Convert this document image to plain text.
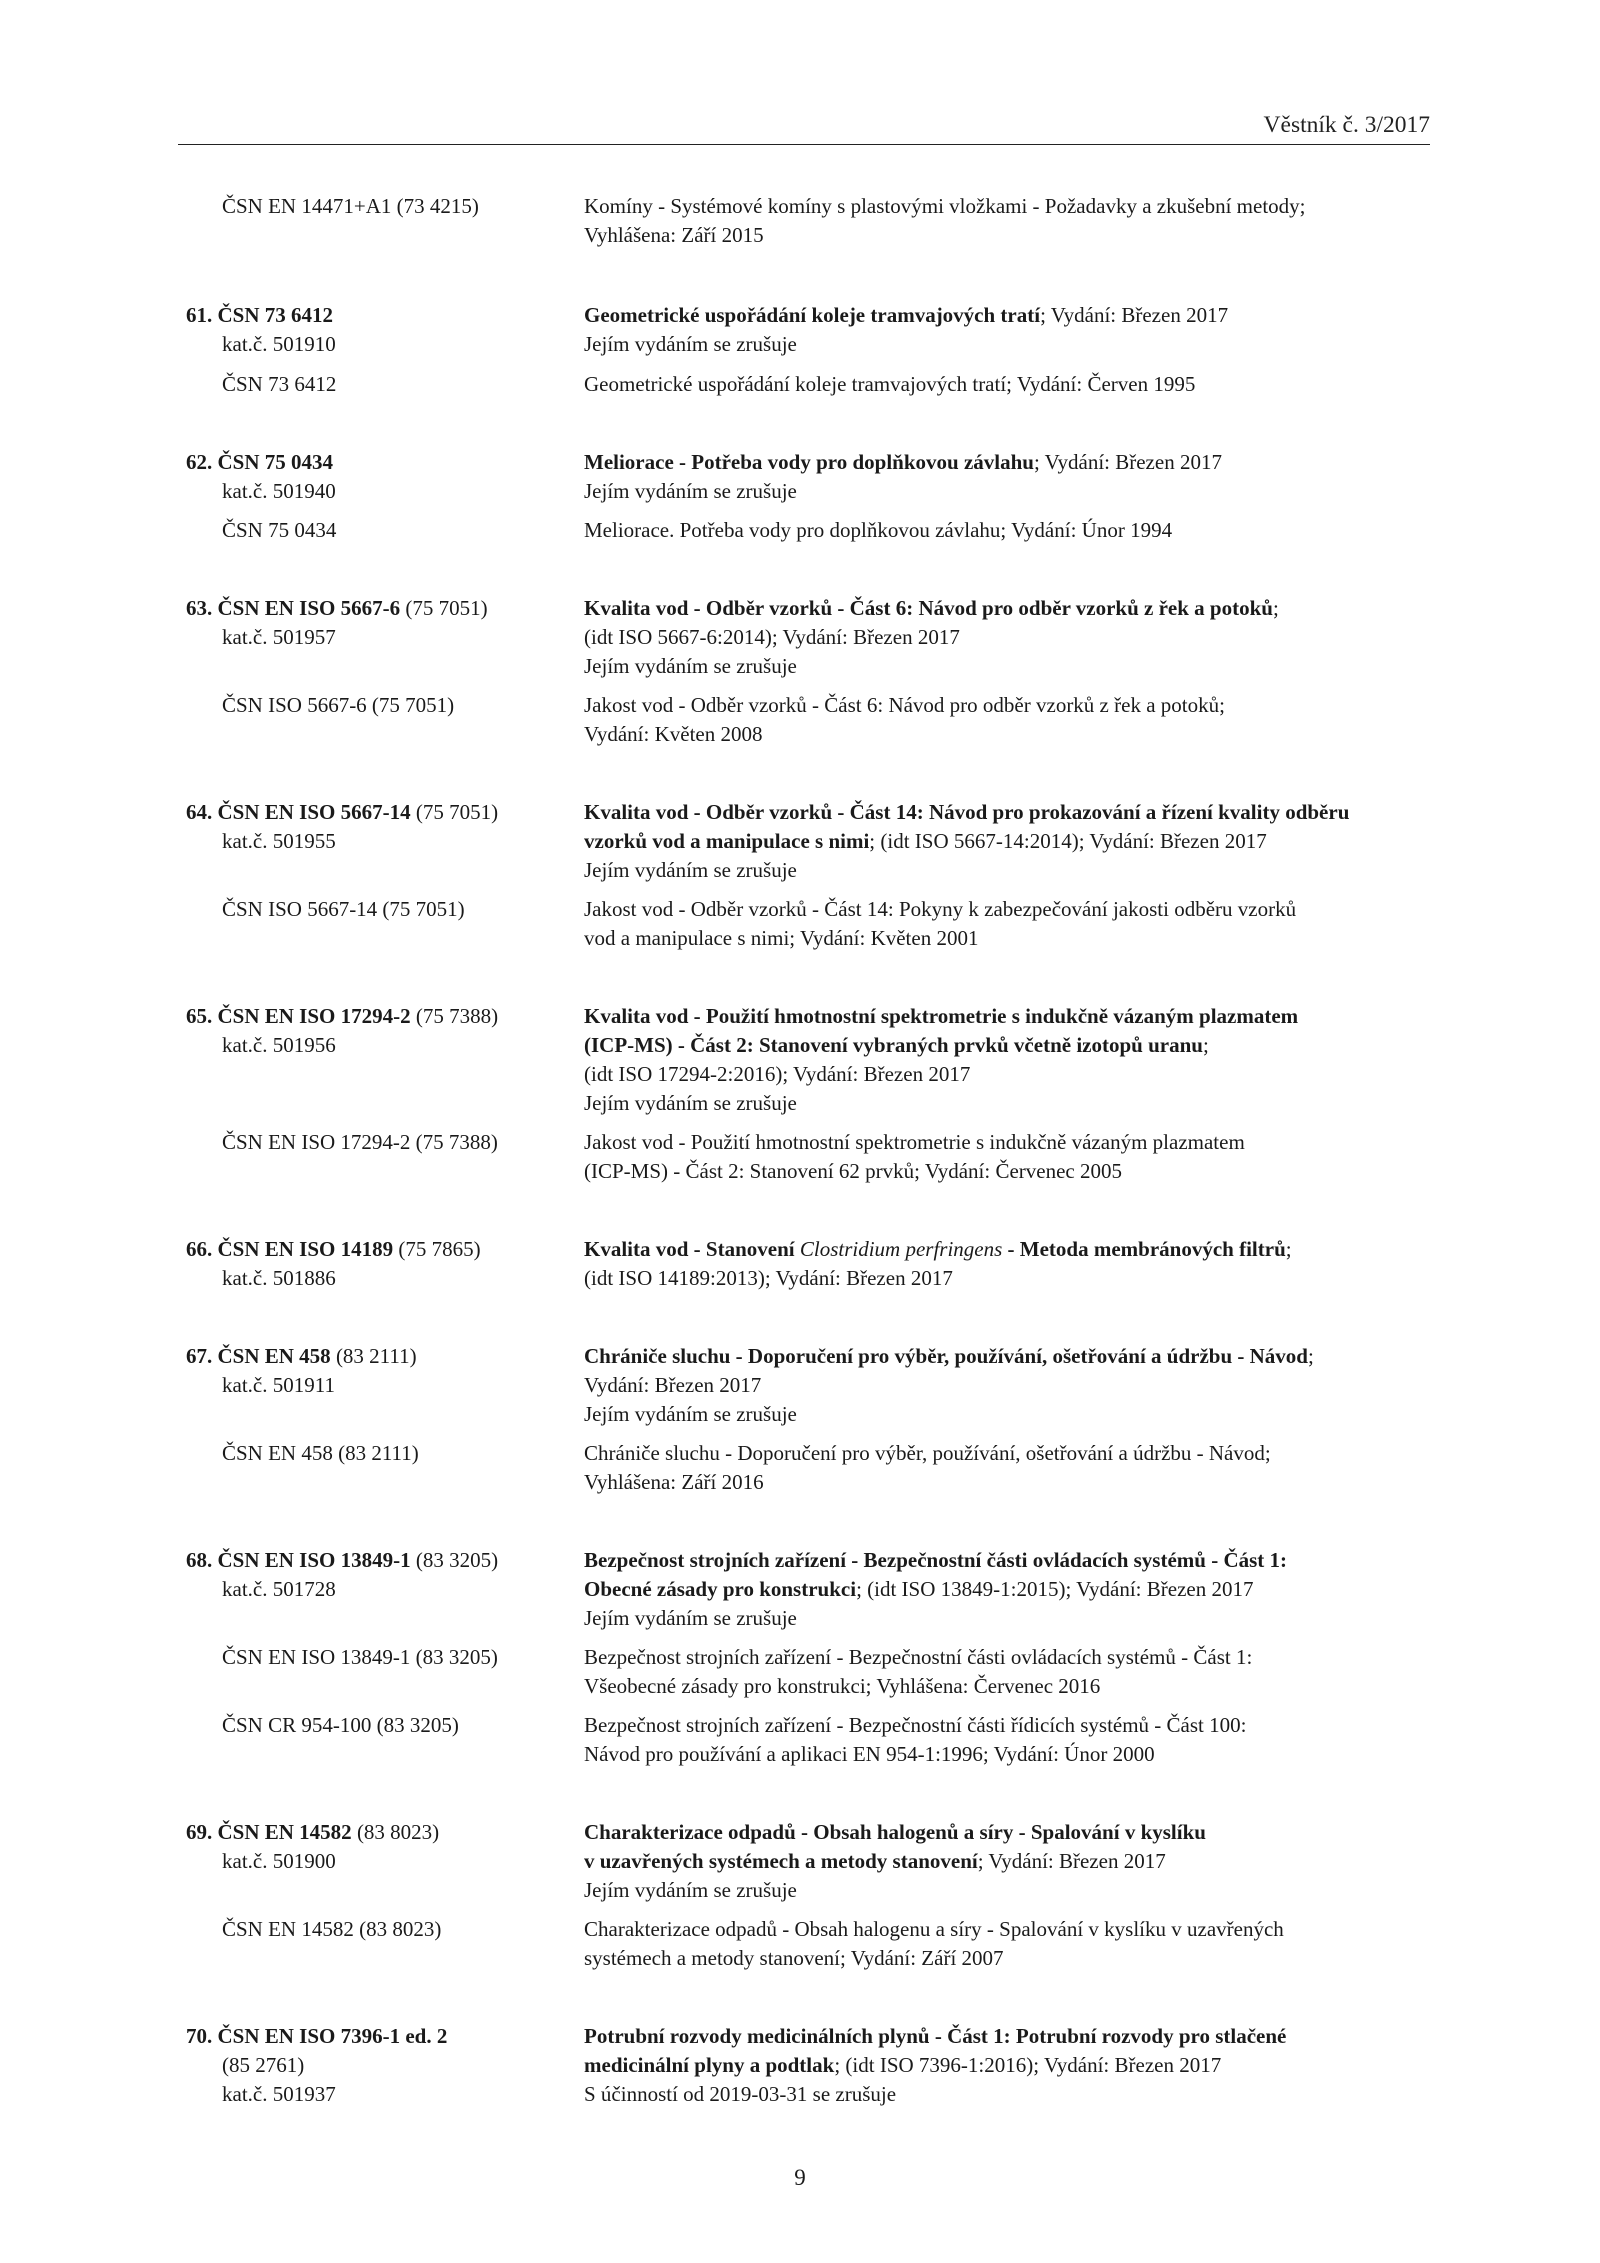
Věstník č. 3/2017
ČSN EN 14471+A1 (73 4215)	Komíny - Systémové komíny s plastovými vložkami - Požadavky a zkušební metody;
Vyhlášena: Září 2015
61. ČSN 73 6412	Geometrické uspořádání koleje tramvajových tratí; Vydání: Březen 2017
kat.č. 501910	Jejím vydáním se zrušuje
ČSN 73 6412	Geometrické uspořádání koleje tramvajových tratí; Vydání: Červen 1995
62. ČSN 75 0434	Meliorace - Potřeba vody pro doplňkovou závlahu; Vydání: Březen 2017
kat.č. 501940	Jejím vydáním se zrušuje
ČSN 75 0434	Meliorace. Potřeba vody pro doplňkovou závlahu; Vydání: Únor 1994
63. ČSN EN ISO 5667-6 (75 7051)	Kvalita vod - Odběr vzorků - Část 6: Návod pro odběr vzorků z řek a potoků;
kat.č. 501957	(idt ISO 5667-6:2014); Vydání: Březen 2017
Jejím vydáním se zrušuje
ČSN ISO 5667-6 (75 7051)	Jakost vod - Odběr vzorků - Část 6: Návod pro odběr vzorků z řek a potoků;
Vydání: Květen 2008
64. ČSN EN ISO 5667-14 (75 7051)	Kvalita vod - Odběr vzorků - Část 14: Návod pro prokazování a řízení kvality odběru
kat.č. 501955	vzorků vod a manipulace s nimi; (idt ISO 5667-14:2014); Vydání: Březen 2017
Jejím vydáním se zrušuje
ČSN ISO 5667-14 (75 7051)	Jakost vod - Odběr vzorků - Část 14: Pokyny k zabezpečování jakosti odběru vzorků
vod a manipulace s nimi; Vydání: Květen 2001
65. ČSN EN ISO 17294-2 (75 7388)	Kvalita vod - Použití hmotnostní spektrometrie s indukčně vázaným plazmatem
kat.č. 501956	(ICP-MS) - Část 2: Stanovení vybraných prvků včetně izotopů uranu;
(idt ISO 17294-2:2016); Vydání: Březen 2017
Jejím vydáním se zrušuje
ČSN EN ISO 17294-2 (75 7388)	Jakost vod - Použití hmotnostní spektrometrie s indukčně vázaným plazmatem
(ICP-MS) - Část 2: Stanovení 62 prvků; Vydání: Červenec 2005
66. ČSN EN ISO 14189 (75 7865)	Kvalita vod - Stanovení Clostridium perfringens - Metoda membránových filtrů;
kat.č. 501886	(idt ISO 14189:2013); Vydání: Březen 2017
67. ČSN EN 458 (83 2111)	Chrániče sluchu - Doporučení pro výběr, používání, ošetřování a údržbu - Návod;
kat.č. 501911	Vydání: Březen 2017
Jejím vydáním se zrušuje
ČSN EN 458 (83 2111)	Chrániče sluchu - Doporučení pro výběr, používání, ošetřování a údržbu - Návod;
Vyhlášena: Září 2016
68. ČSN EN ISO 13849-1 (83 3205)	Bezpečnost strojních zařízení - Bezpečnostní části ovládacích systémů - Část 1:
kat.č. 501728	Obecné zásady pro konstrukci; (idt ISO 13849-1:2015); Vydání: Březen 2017
Jejím vydáním se zrušuje
ČSN EN ISO 13849-1 (83 3205)	Bezpečnost strojních zařízení - Bezpečnostní části ovládacích systémů - Část 1:
Všeobecné zásady pro konstrukci; Vyhlášena: Červenec 2016
ČSN CR 954-100 (83 3205)	Bezpečnost strojních zařízení - Bezpečnostní části řídicích systémů - Část 100:
Návod pro používání a aplikaci EN 954-1:1996; Vydání: Únor 2000
69. ČSN EN 14582 (83 8023)	Charakterizace odpadů - Obsah halogenů a síry - Spalování v kyslíku
kat.č. 501900	v uzavřených systémech a metody stanovení; Vydání: Březen 2017
Jejím vydáním se zrušuje
ČSN EN 14582 (83 8023)	Charakterizace odpadů - Obsah halogenu a síry - Spalování v kyslíku v uzavřených
systémech a metody stanovení; Vydání: Září 2007
70. ČSN EN ISO 7396-1 ed. 2	Potrubní rozvody medicinálních plynů - Část 1: Potrubní rozvody pro stlačené
(85 2761)	medicinální plyny a podtlak; (idt ISO 7396-1:2016); Vydání: Březen 2017
kat.č. 501937	S účinností od 2019-03-31 se zrušuje
9
